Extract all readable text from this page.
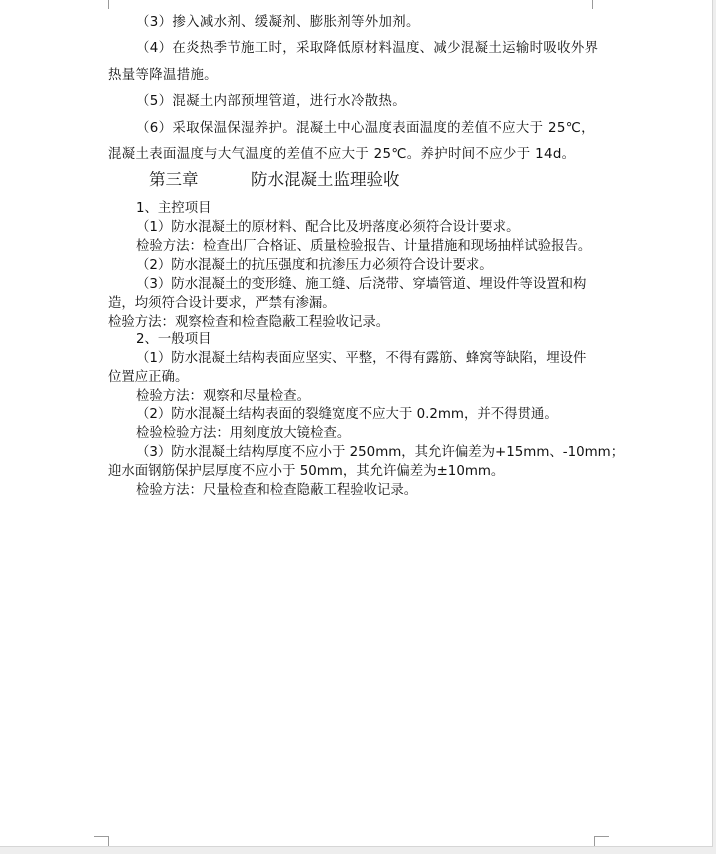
（3）掺入减水剂、缓凝剂、膨胀剂等外加剂。
（4）在炎热季节施工时，采取降低原材料温度、减少混凝土运输时吸收外界
热量等降温措施。
（5）混凝土内部预埋管道，进行水冷散热。
（6）采取保温保湿养护。混凝土中心温度表面温度的差值不应大于 25℃，
混凝土表面温度与大气温度的差值不应大于 25℃。养护时间不应少于 14d。
第三章          防水混凝土监理验收
1、主控项目
（1）防水混凝土的原材料、配合比及坍落度必须符合设计要求。
检验方法：检查出厂合格证、质量检验报告、计量措施和现场抽样试验报告。
（2）防水混凝土的抗压强度和抗渗压力必须符合设计要求。
（3）防水混凝土的变形缝、施工缝、后浇带、穿墙管道、埋设件等设置和构
造，均须符合设计要求，严禁有渗漏。
检验方法：观察检查和检查隐蔽工程验收记录。
2、一般项目
（1）防水混凝土结构表面应坚实、平整，不得有露筋、蜂窝等缺陷，埋设件
位置应正确。
检验方法：观察和尽量检查。
（2）防水混凝土结构表面的裂缝宽度不应大于 0.2mm，并不得贯通。
检验检验方法：用刻度放大镜检查。
（3）防水混凝土结构厚度不应小于 250mm，其允许偏差为+15mm、-10mm；
迎水面钢筋保护层厚度不应小于 50mm，其允许偏差为±10mm。
检验方法：尺量检查和检查隐蔽工程验收记录。
